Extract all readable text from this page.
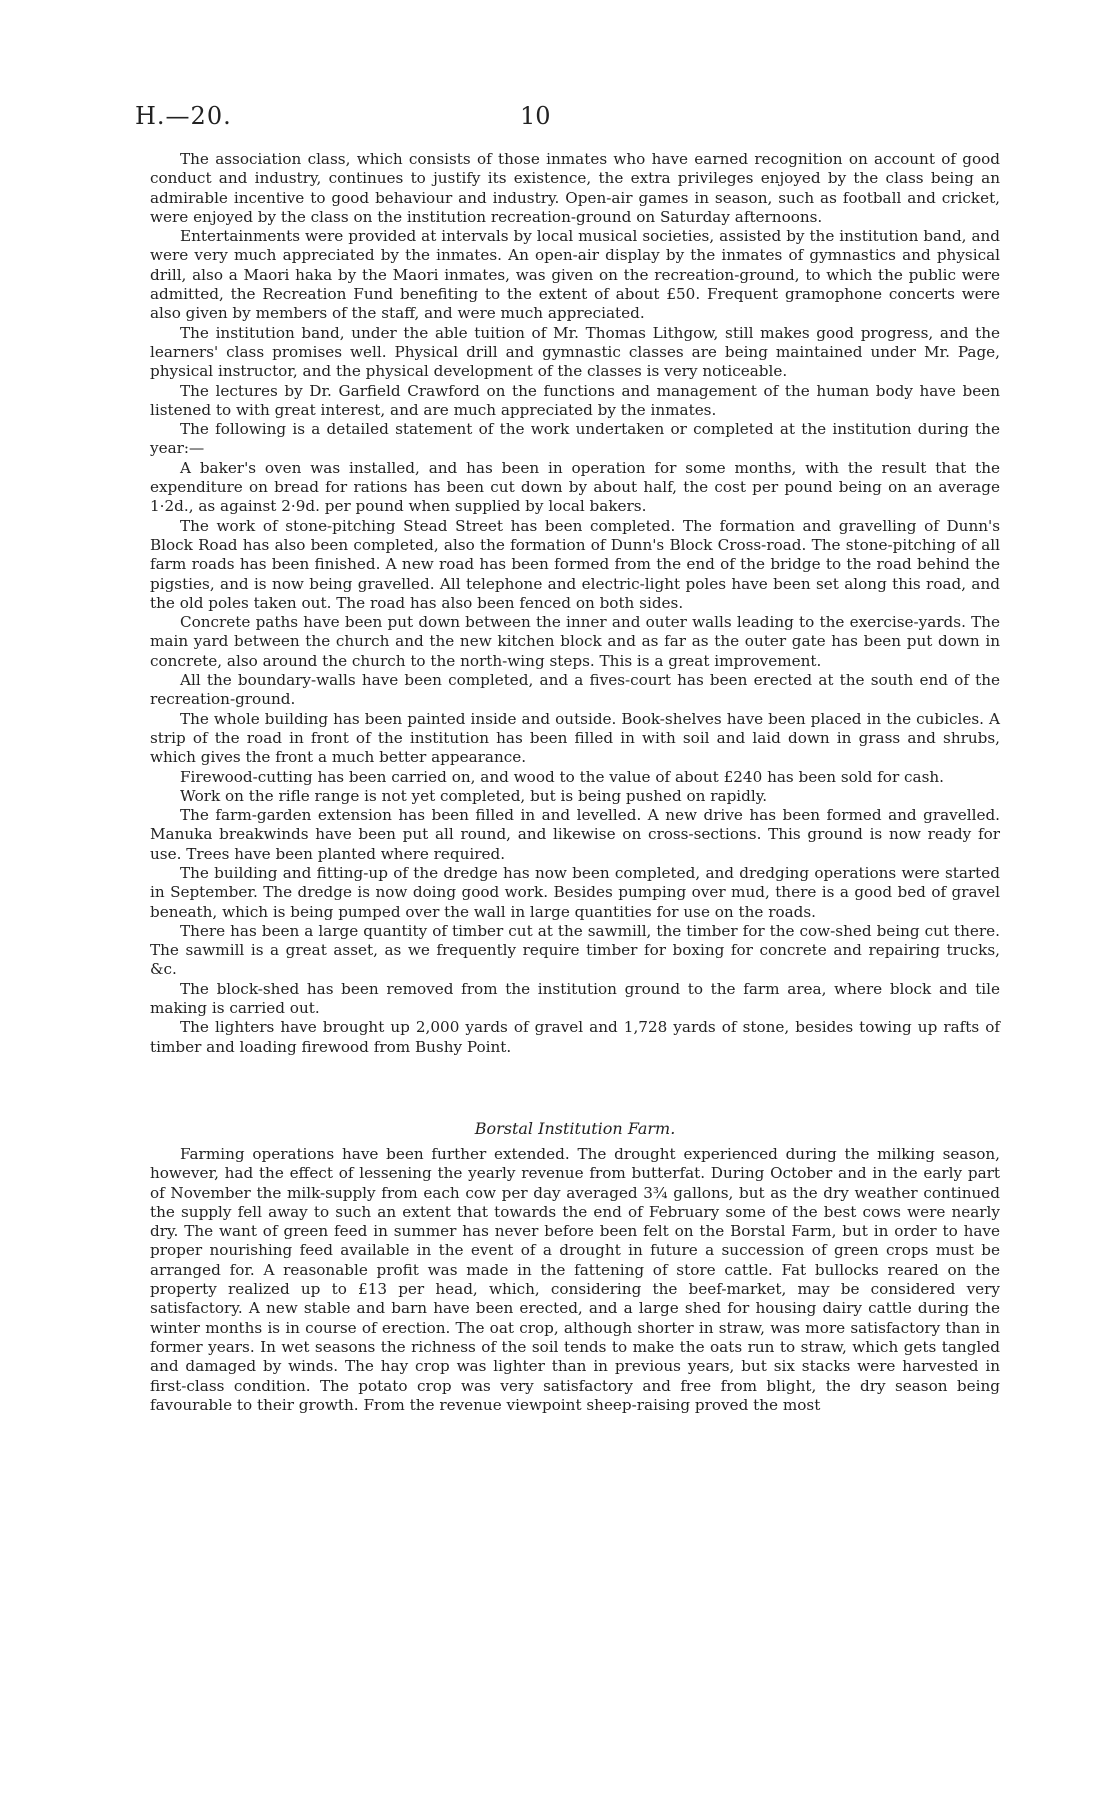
H.—20.	10

The association class, which consists of those inmates who have earned recognition on account of good conduct and industry, continues to justify its existence, the extra privileges enjoyed by the class being an admirable incentive to good behaviour and industry. Open-air games in season, such as football and cricket, were enjoyed by the class on the institution recreation-ground on Saturday afternoons.

Entertainments were provided at intervals by local musical societies, assisted by the institution band, and were very much appreciated by the inmates. An open-air display by the inmates of gymnastics and physical drill, also a Maori haka by the Maori inmates, was given on the recreation-ground, to which the public were admitted, the Recreation Fund benefiting to the extent of about £50. Frequent gramophone concerts were also given by members of the staff, and were much appreciated.

The institution band, under the able tuition of Mr. Thomas Lithgow, still makes good progress, and the learners' class promises well. Physical drill and gymnastic classes are being maintained under Mr. Page, physical instructor, and the physical development of the classes is very noticeable.

The lectures by Dr. Garfield Crawford on the functions and management of the human body have been listened to with great interest, and are much appreciated by the inmates.

The following is a detailed statement of the work undertaken or completed at the institution during the year:—

A baker's oven was installed, and has been in operation for some months, with the result that the expenditure on bread for rations has been cut down by about half, the cost per pound being on an average 1·2d., as against 2·9d. per pound when supplied by local bakers.

The work of stone-pitching Stead Street has been completed. The formation and gravelling of Dunn's Block Road has also been completed, also the formation of Dunn's Block Cross-road. The stone-pitching of all farm roads has been finished. A new road has been formed from the end of the bridge to the road behind the pigsties, and is now being gravelled. All telephone and electric-light poles have been set along this road, and the old poles taken out. The road has also been fenced on both sides.

Concrete paths have been put down between the inner and outer walls leading to the exercise-yards. The main yard between the church and the new kitchen block and as far as the outer gate has been put down in concrete, also around the church to the north-wing steps. This is a great improvement.

All the boundary-walls have been completed, and a fives-court has been erected at the south end of the recreation-ground.

The whole building has been painted inside and outside. Book-shelves have been placed in the cubicles. A strip of the road in front of the institution has been filled in with soil and laid down in grass and shrubs, which gives the front a much better appearance.

Firewood-cutting has been carried on, and wood to the value of about £240 has been sold for cash.

Work on the rifle range is not yet completed, but is being pushed on rapidly.

The farm-garden extension has been filled in and levelled. A new drive has been formed and gravelled. Manuka breakwinds have been put all round, and likewise on cross-sections. This ground is now ready for use. Trees have been planted where required.

The building and fitting-up of the dredge has now been completed, and dredging operations were started in September. The dredge is now doing good work. Besides pumping over mud, there is a good bed of gravel beneath, which is being pumped over the wall in large quantities for use on the roads.

There has been a large quantity of timber cut at the sawmill, the timber for the cow-shed being cut there. The sawmill is a great asset, as we frequently require timber for boxing for concrete and repairing trucks, &c.

The block-shed has been removed from the institution ground to the farm area, where block and tile making is carried out.

The lighters have brought up 2,000 yards of gravel and 1,728 yards of stone, besides towing up rafts of timber and loading firewood from Bushy Point.

Borstal Institution Farm.

Farming operations have been further extended. The drought experienced during the milking season, however, had the effect of lessening the yearly revenue from butterfat. During October and in the early part of November the milk-supply from each cow per day averaged 3¾ gallons, but as the dry weather continued the supply fell away to such an extent that towards the end of February some of the best cows were nearly dry. The want of green feed in summer has never before been felt on the Borstal Farm, but in order to have proper nourishing feed available in the event of a drought in future a succession of green crops must be arranged for. A reasonable profit was made in the fattening of store cattle. Fat bullocks reared on the property realized up to £13 per head, which, considering the beef-market, may be considered very satisfactory. A new stable and barn have been erected, and a large shed for housing dairy cattle during the winter months is in course of erection. The oat crop, although shorter in straw, was more satisfactory than in former years. In wet seasons the richness of the soil tends to make the oats run to straw, which gets tangled and damaged by winds. The hay crop was lighter than in previous years, but six stacks were harvested in first-class condition. The potato crop was very satisfactory and free from blight, the dry season being favourable to their growth. From the revenue viewpoint sheep-raising proved the most
